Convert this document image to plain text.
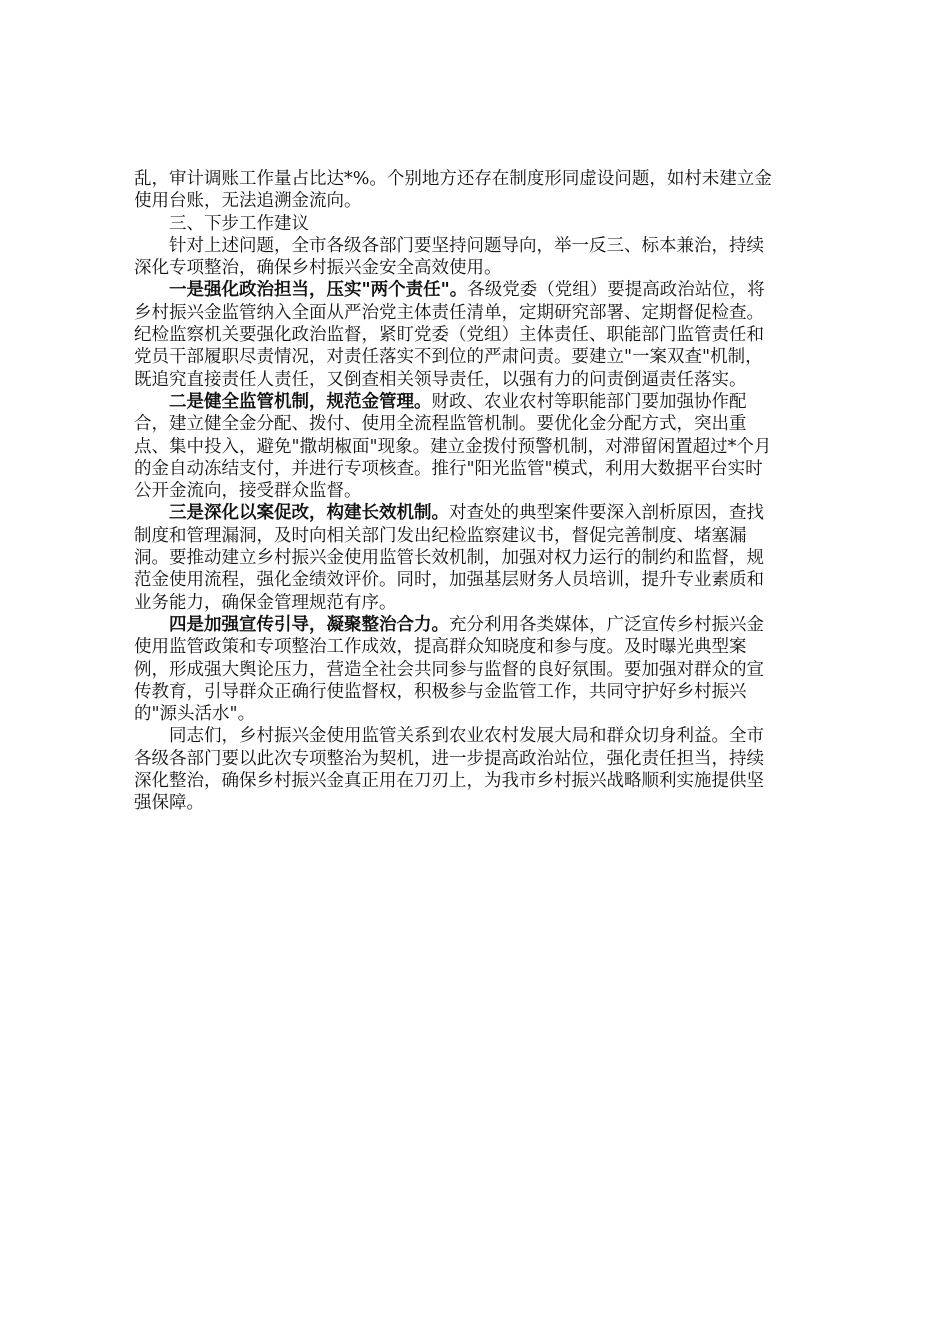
乱，审计调账工作量占比达*%。个别地方还存在制度形同虚设问题，如村未建立金
使用台账，无法追溯金流向。
三、下步工作建议
针对上述问题，全市各级各部门要坚持问题导向，举一反三、标本兼治，持续
深化专项整治，确保乡村振兴金安全高效使用。
一是强化政治担当，压实"两个责任"。各级党委（党组）要提高政治站位，将
乡村振兴金监管纳入全面从严治党主体责任清单，定期研究部署、定期督促检查。
纪检监察机关要强化政治监督，紧盯党委（党组）主体责任、职能部门监管责任和
党员干部履职尽责情况，对责任落实不到位的严肃问责。要建立"一案双查"机制，
既追究直接责任人责任，又倒查相关领导责任，以强有力的问责倒逼责任落实。
二是健全监管机制，规范金管理。财政、农业农村等职能部门要加强协作配
合，建立健全金分配、拨付、使用全流程监管机制。要优化金分配方式，突出重
点、集中投入，避免"撒胡椒面"现象。建立金拨付预警机制，对滞留闲置超过*个月
的金自动冻结支付，并进行专项核查。推行"阳光监管"模式，利用大数据平台实时
公开金流向，接受群众监督。
三是深化以案促改，构建长效机制。对查处的典型案件要深入剖析原因，查找
制度和管理漏洞，及时向相关部门发出纪检监察建议书，督促完善制度、堵塞漏
洞。要推动建立乡村振兴金使用监管长效机制，加强对权力运行的制约和监督，规
范金使用流程，强化金绩效评价。同时，加强基层财务人员培训，提升专业素质和
业务能力，确保金管理规范有序。
四是加强宣传引导，凝聚整治合力。充分利用各类媒体，广泛宣传乡村振兴金
使用监管政策和专项整治工作成效，提高群众知晓度和参与度。及时曝光典型案
例，形成强大舆论压力，营造全社会共同参与监督的良好氛围。要加强对群众的宣
传教育，引导群众正确行使监督权，积极参与金监管工作，共同守护好乡村振兴
的"源头活水"。
同志们，乡村振兴金使用监管关系到农业农村发展大局和群众切身利益。全市
各级各部门要以此次专项整治为契机，进一步提高政治站位，强化责任担当，持续
深化整治，确保乡村振兴金真正用在刀刃上，为我市乡村振兴战略顺利实施提供坚
强保障。
